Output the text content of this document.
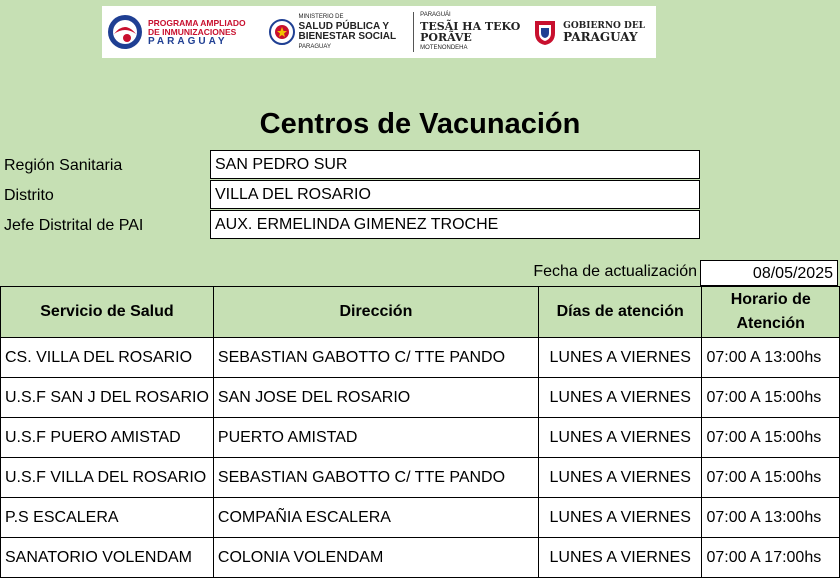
PROGRAMA AMPLIADO
DE INMUNIZACIONES
PARAGUAY
MINISTERIO DE
SALUD PÚBLICA Y
BIENESTAR SOCIAL
PARAGUAY
PARAGUÁI
TESÃI HA TEKO
PORÃVE
MOTENONDEHA
GOBIERNO DEL
PARAGUAY
Centros de Vacunación
Región Sanitaria	SAN PEDRO SUR
Distrito	VILLA DEL ROSARIO
Jefe Distrital de PAI	AUX. ERMELINDA GIMENEZ TROCHE
Fecha de actualización	08/05/2025
Servicio de Salud	Dirección	Días de atención	Horario de Atención
CS. VILLA DEL ROSARIO	SEBASTIAN GABOTTO C/ TTE PANDO	LUNES A VIERNES	07:00 A 13:00hs
U.S.F SAN J DEL ROSARIO	SAN JOSE DEL ROSARIO	LUNES A VIERNES	07:00 A 15:00hs
U.S.F PUERO AMISTAD	PUERTO AMISTAD	LUNES A VIERNES	07:00 A 15:00hs
U.S.F VILLA DEL ROSARIO	SEBASTIAN GABOTTO C/ TTE PANDO	LUNES A VIERNES	07:00 A 15:00hs
P.S ESCALERA	COMPAÑIA ESCALERA	LUNES A VIERNES	07:00 A 13:00hs
SANATORIO VOLENDAM	COLONIA VOLENDAM	LUNES A VIERNES	07:00 A 17:00hs
